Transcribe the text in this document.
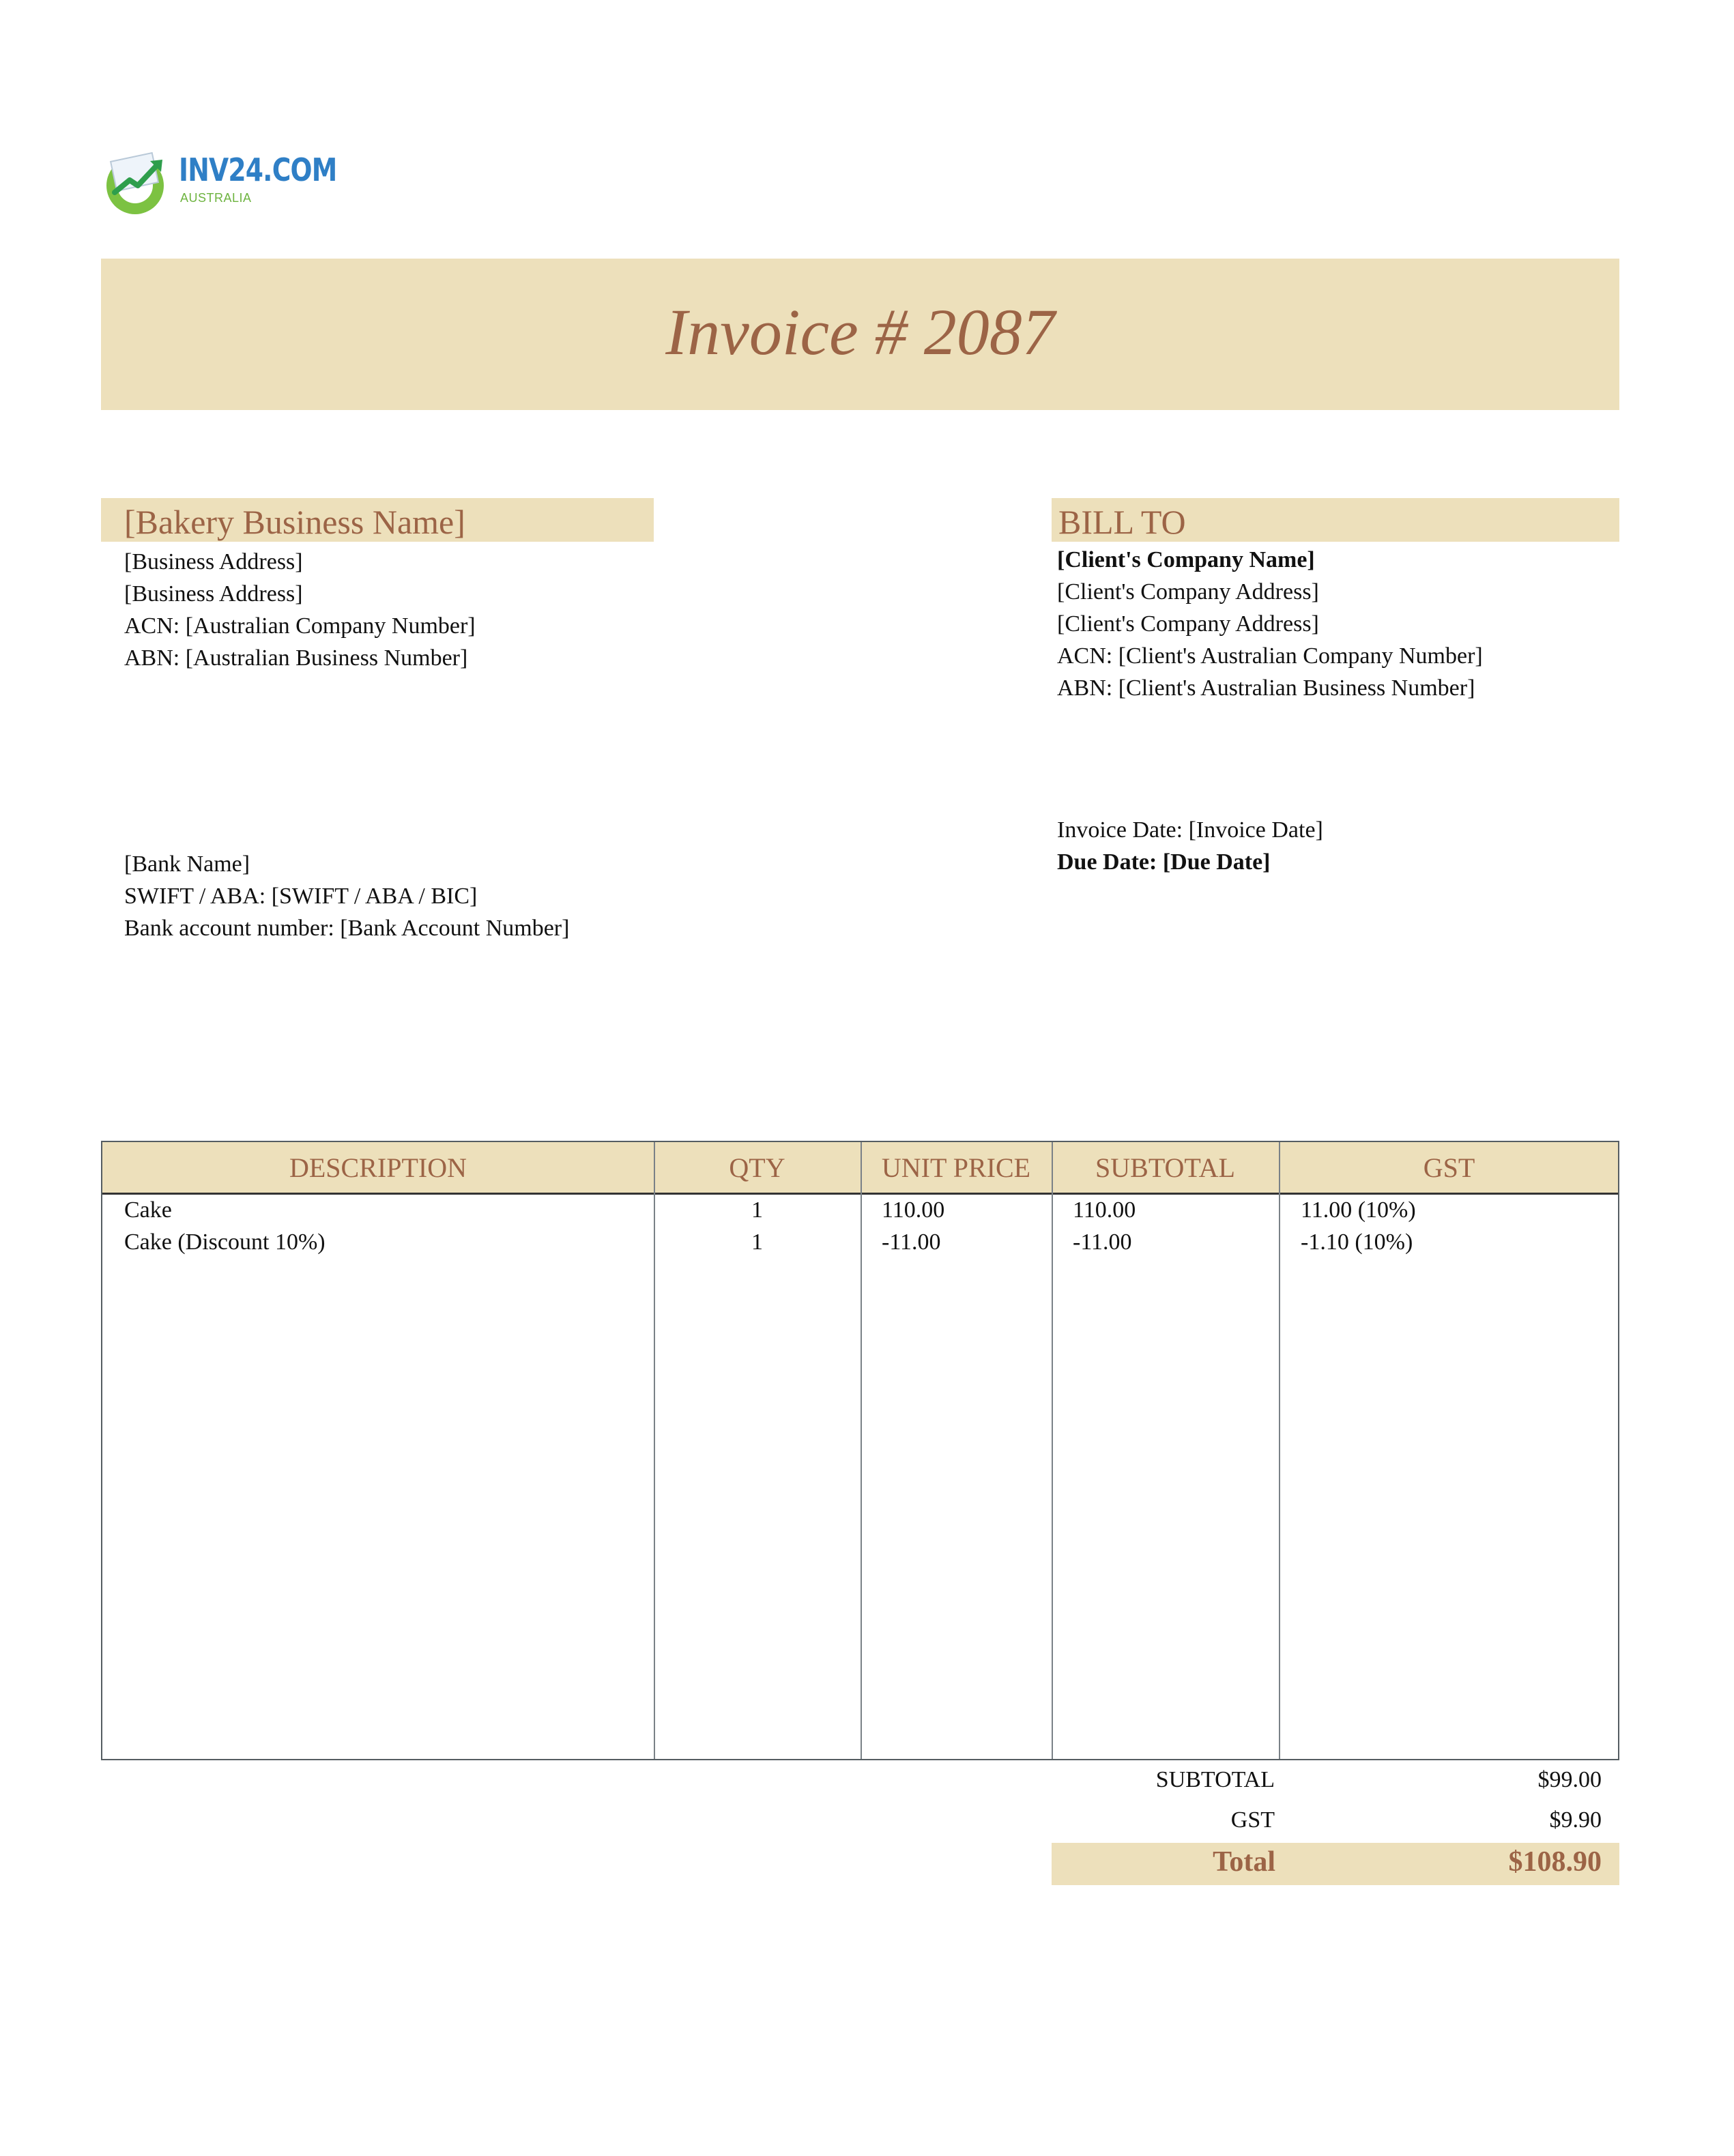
INV24.COM
AUSTRALIA
Invoice # 2087
[Bakery Business Name]
[Business Address]
[Business Address]
ACN: [Australian Company Number]
ABN: [Australian Business Number]
[Bank Name]
SWIFT / ABA: [SWIFT / ABA / BIC]
Bank account number: [Bank Account Number]
BILL TO
[Client's Company Name]
[Client's Company Address]
[Client's Company Address]
ACN: [Client's Australian Company Number]
ABN: [Client's Australian Business Number]
Invoice Date: [Invoice Date]
Due Date: [Due Date]
DESCRIPTION	QTY	UNIT PRICE	SUBTOTAL	GST
Cake	1	110.00	110.00	11.00 (10%)
Cake (Discount 10%)	1	-11.00	-11.00	-1.10 (10%)
SUBTOTAL	$99.00
GST	$9.90
Total	$108.90
